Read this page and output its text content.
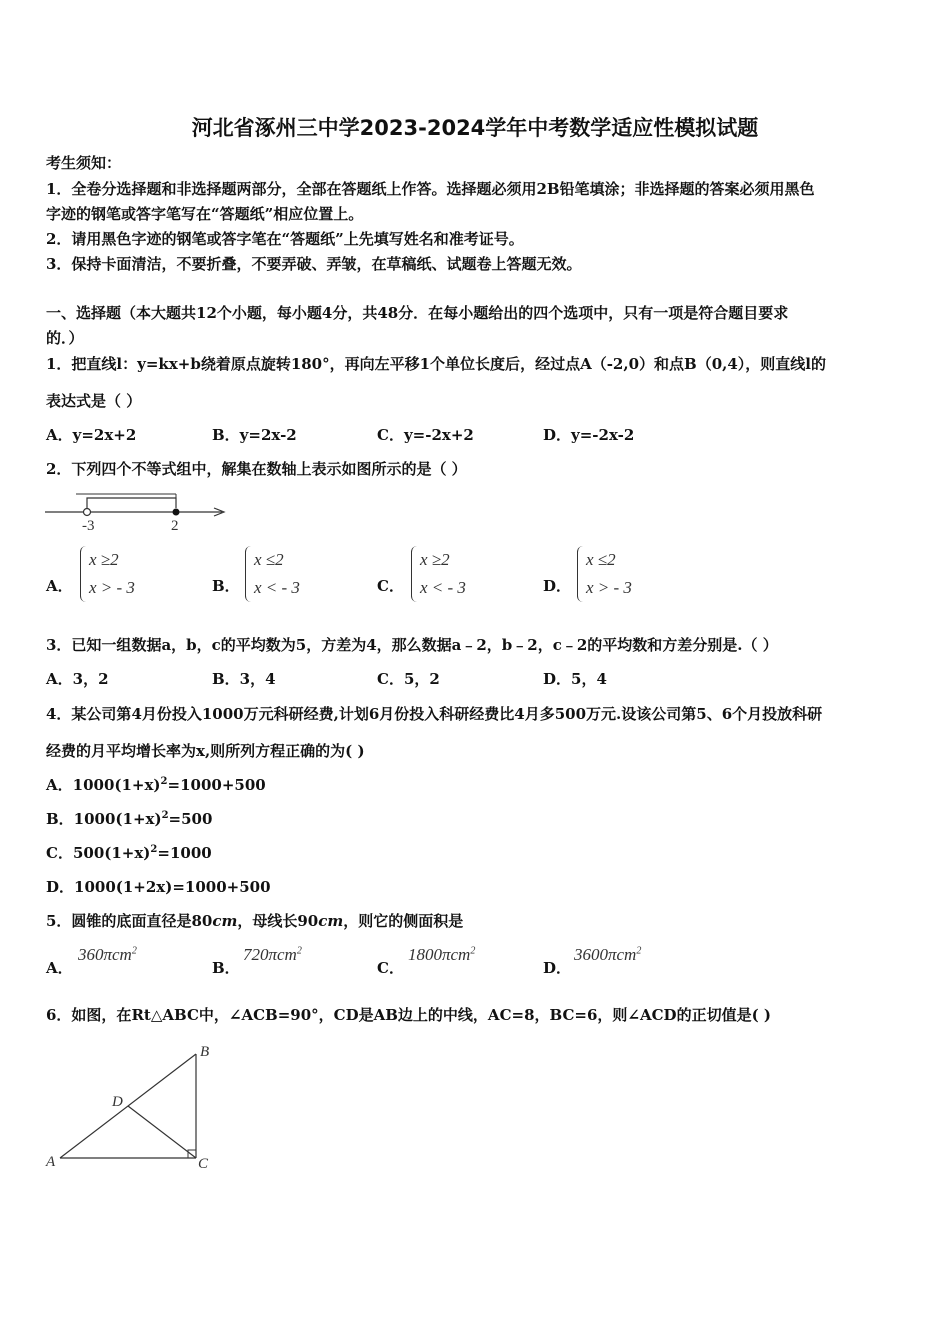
河北省涿州三中学2023-2024学年中考数学适应性模拟试题
考生须知：
1．全卷分选择题和非选择题两部分，全部在答题纸上作答。选择题必须用2B铅笔填涂；非选择题的答案必须用黑色
字迹的钢笔或答字笔写在“答题纸”相应位置上。
2．请用黑色字迹的钢笔或答字笔在“答题纸”上先填写姓名和准考证号。
3．保持卡面清洁，不要折叠，不要弄破、弄皱，在草稿纸、试题卷上答题无效。
一、选择题（本大题共12个小题，每小题4分，共48分．在每小题给出的四个选项中，只有一项是符合题目要求
的．）
1．把直线l：y=kx+b绕着原点旋转180°，再向左平移1个单位长度后，经过点A（-2,0）和点B（0,4），则直线l的
表达式是（ ）
A．y=2x+2	B．y=2x-2	C．y=-2x+2	D．y=-2x-2
2．下列四个不等式组中，解集在数轴上表示如图所示的是（ ）
-3	2
A．
x ≥2
x > - 3	B．
x ≤2
x < - 3	C．
x ≥2
x < - 3	D．
x ≤2
x > - 3
3．已知一组数据a，b，c的平均数为5，方差为4，那么数据a﹣2，b﹣2，c﹣2的平均数和方差分别是.（ ）
A．3，2	B．3，4	C．5，2	D．5，4
4．某公司第4月份投入1000万元科研经费,计划6月份投入科研经费比4月多500万元.设该公司第5、6个月投放科研
经费的月平均增长率为x,则所列方程正确的为( )
A．$1000(1+x)^2=1000+500$
B．$1000(1+x)^2=500$
C．$500(1+x)^2=1000$
D．1000(1+2x)=1000+500
5．圆锥的底面直径是80cm，母线长90cm，则它的侧面积是
A．
360πcm$^2$
B．
720πcm$^2$
C．
1800πcm$^2$
D．
3600πcm$^2$
6．如图，在Rt△ABC中，∠ACB=90°，CD是AB边上的中线，AC=8，BC=6，则∠ACD的正切值是( )
A
B
C
D
